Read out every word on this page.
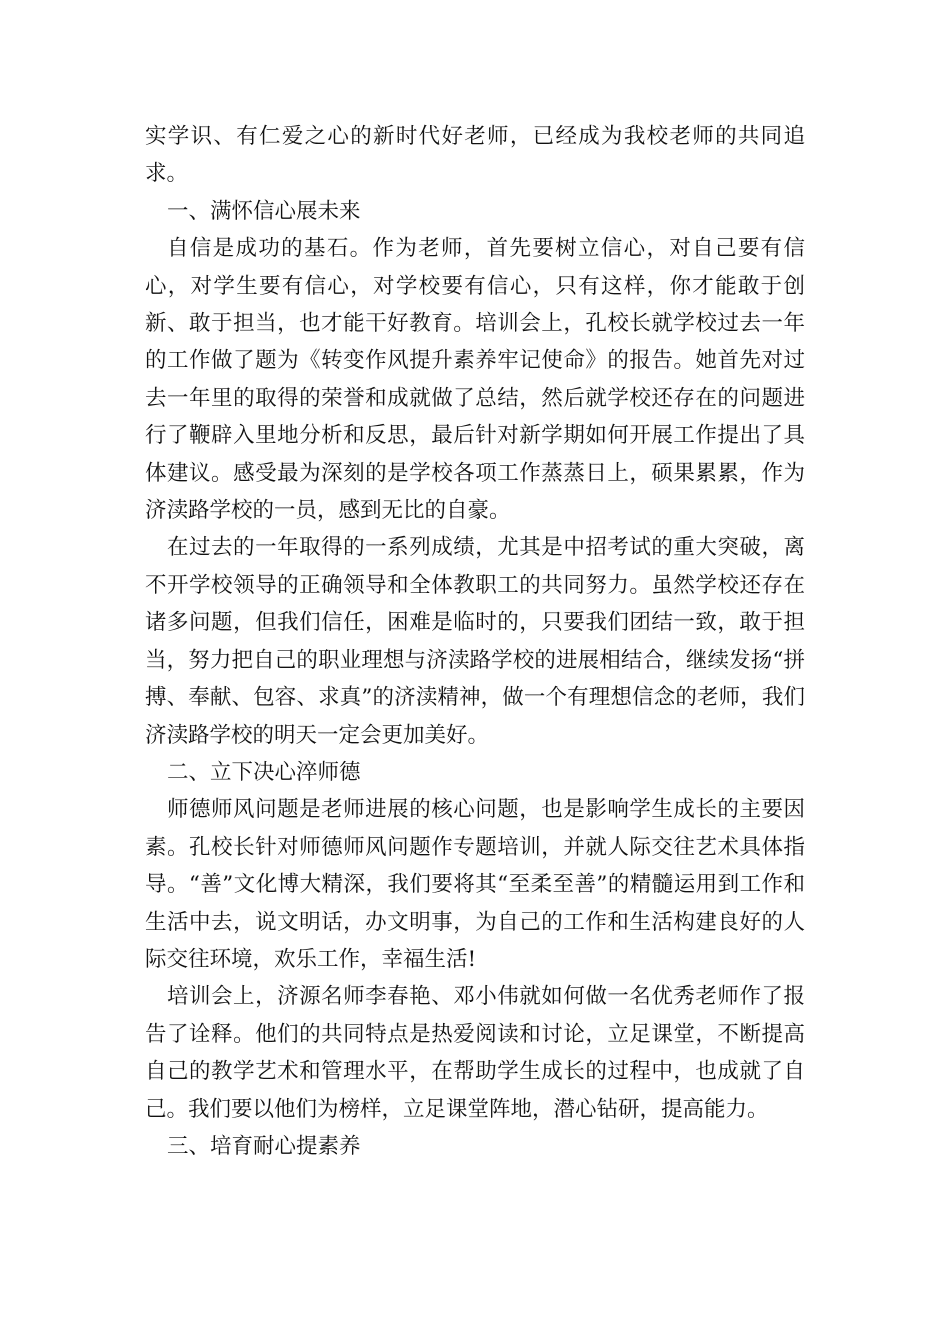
实学识、有仁爱之心的新时代好老师，已经成为我校老师的共同追求。

一、满怀信心展未来

自信是成功的基石。作为老师，首先要树立信心，对自己要有信心，对学生要有信心，对学校要有信心，只有这样，你才能敢于创新、敢于担当，也才能干好教育。培训会上，孔校长就学校过去一年的工作做了题为《转变作风提升素养牢记使命》的报告。她首先对过去一年里的取得的荣誉和成就做了总结，然后就学校还存在的问题进行了鞭辟入里地分析和反思，最后针对新学期如何开展工作提出了具体建议。感受最为深刻的是学校各项工作蒸蒸日上，硕果累累，作为济渎路学校的一员，感到无比的自豪。

在过去的一年取得的一系列成绩，尤其是中招考试的重大突破，离不开学校领导的正确领导和全体教职工的共同努力。虽然学校还存在诸多问题，但我们信任，困难是临时的，只要我们团结一致，敢于担当，努力把自己的职业理想与济渎路学校的进展相结合，继续发扬“拼搏、奉献、包容、求真”的济渎精神，做一个有理想信念的老师，我们济渎路学校的明天一定会更加美好。

二、立下决心淬师德

师德师风问题是老师进展的核心问题，也是影响学生成长的主要因素。孔校长针对师德师风问题作专题培训，并就人际交往艺术具体指导。“善”文化博大精深，我们要将其“至柔至善”的精髓运用到工作和生活中去，说文明话，办文明事，为自己的工作和生活构建良好的人际交往环境，欢乐工作，幸福生活!

培训会上，济源名师李春艳、邓小伟就如何做一名优秀老师作了报告了诠释。他们的共同特点是热爱阅读和讨论，立足课堂，不断提高自己的教学艺术和管理水平，在帮助学生成长的过程中，也成就了自己。我们要以他们为榜样，立足课堂阵地，潜心钻研，提高能力。

三、培育耐心提素养
